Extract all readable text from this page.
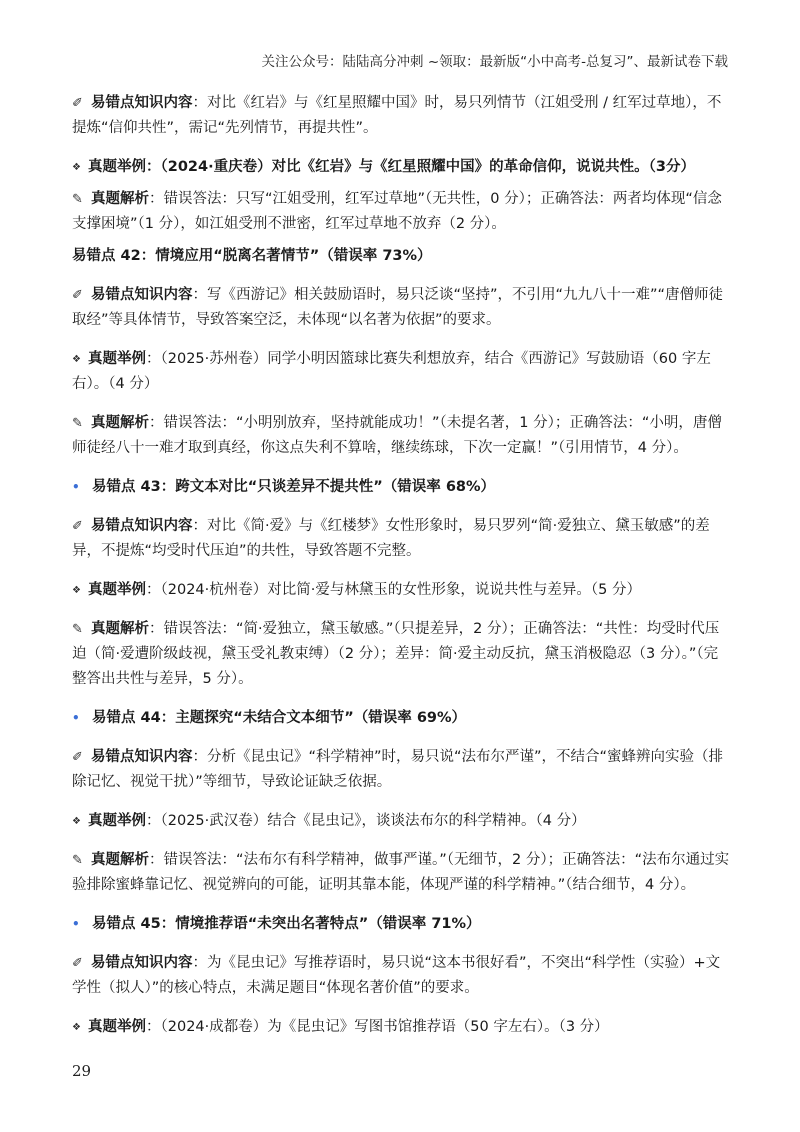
关注公众号：陆陆高分冲刺 ~领取：最新版“小中高考-总复习”、最新试卷下载

✐ 易错点知识内容：对比《红岩》与《红星照耀中国》时，易只列情节（江姐受刑 / 红军过草地），不提炼“信仰共性”，需记“先列情节，再提共性”。

❖ 真题举例：（2024·重庆卷）对比《红岩》与《红星照耀中国》的革命信仰，说说共性。（3分）

✎ 真题解析：错误答法：只写“江姐受刑，红军过草地”（无共性，0 分）；正确答法：两者均体现“信念支撑困境”（1 分），如江姐受刑不泄密，红军过草地不放弃（2 分）。

易错点 42：情境应用“脱离名著情节”（错误率 73%）

✐ 易错点知识内容：写《西游记》相关鼓励语时，易只泛谈“坚持”，不引用“九九八十一难”“唐僧师徒取经”等具体情节，导致答案空泛，未体现“以名著为依据”的要求。

❖ 真题举例：（2025·苏州卷）同学小明因篮球比赛失利想放弃，结合《西游记》写鼓励语（60 字左右）。（4 分）

✎ 真题解析：错误答法：“小明别放弃，坚持就能成功！”（未提名著，1 分）；正确答法：“小明，唐僧师徒经八十一难才取到真经，你这点失利不算啥，继续练球，下次一定赢！”（引用情节，4 分）。

• 易错点 43：跨文本对比“只谈差异不提共性”（错误率 68%）

✐ 易错点知识内容：对比《简·爱》与《红楼梦》女性形象时，易只罗列“简·爱独立、黛玉敏感”的差异，不提炼“均受时代压迫”的共性，导致答题不完整。

❖ 真题举例：（2024·杭州卷）对比简·爱与林黛玉的女性形象，说说共性与差异。（5 分）

✎ 真题解析：错误答法：“简·爱独立，黛玉敏感。”（只提差异，2 分）；正确答法：“共性：均受时代压迫（简·爱遭阶级歧视，黛玉受礼教束缚）（2 分）；差异：简·爱主动反抗，黛玉消极隐忍（3 分）。”（完整答出共性与差异，5 分）。

• 易错点 44：主题探究“未结合文本细节”（错误率 69%）

✐ 易错点知识内容：分析《昆虫记》“科学精神”时，易只说“法布尔严谨”，不结合“蜜蜂辨向实验（排除记忆、视觉干扰）”等细节，导致论证缺乏依据。

❖ 真题举例：（2025·武汉卷）结合《昆虫记》，谈谈法布尔的科学精神。（4 分）

✎ 真题解析：错误答法：“法布尔有科学精神，做事严谨。”（无细节，2 分）；正确答法：“法布尔通过实验排除蜜蜂靠记忆、视觉辨向的可能，证明其靠本能，体现严谨的科学精神。”（结合细节，4 分）。

• 易错点 45：情境推荐语“未突出名著特点”（错误率 71%）

✐ 易错点知识内容：为《昆虫记》写推荐语时，易只说“这本书很好看”，不突出“科学性（实验）+文学性（拟人）”的核心特点，未满足题目“体现名著价值”的要求。

❖ 真题举例：（2024·成都卷）为《昆虫记》写图书馆推荐语（50 字左右）。（3 分）

29
